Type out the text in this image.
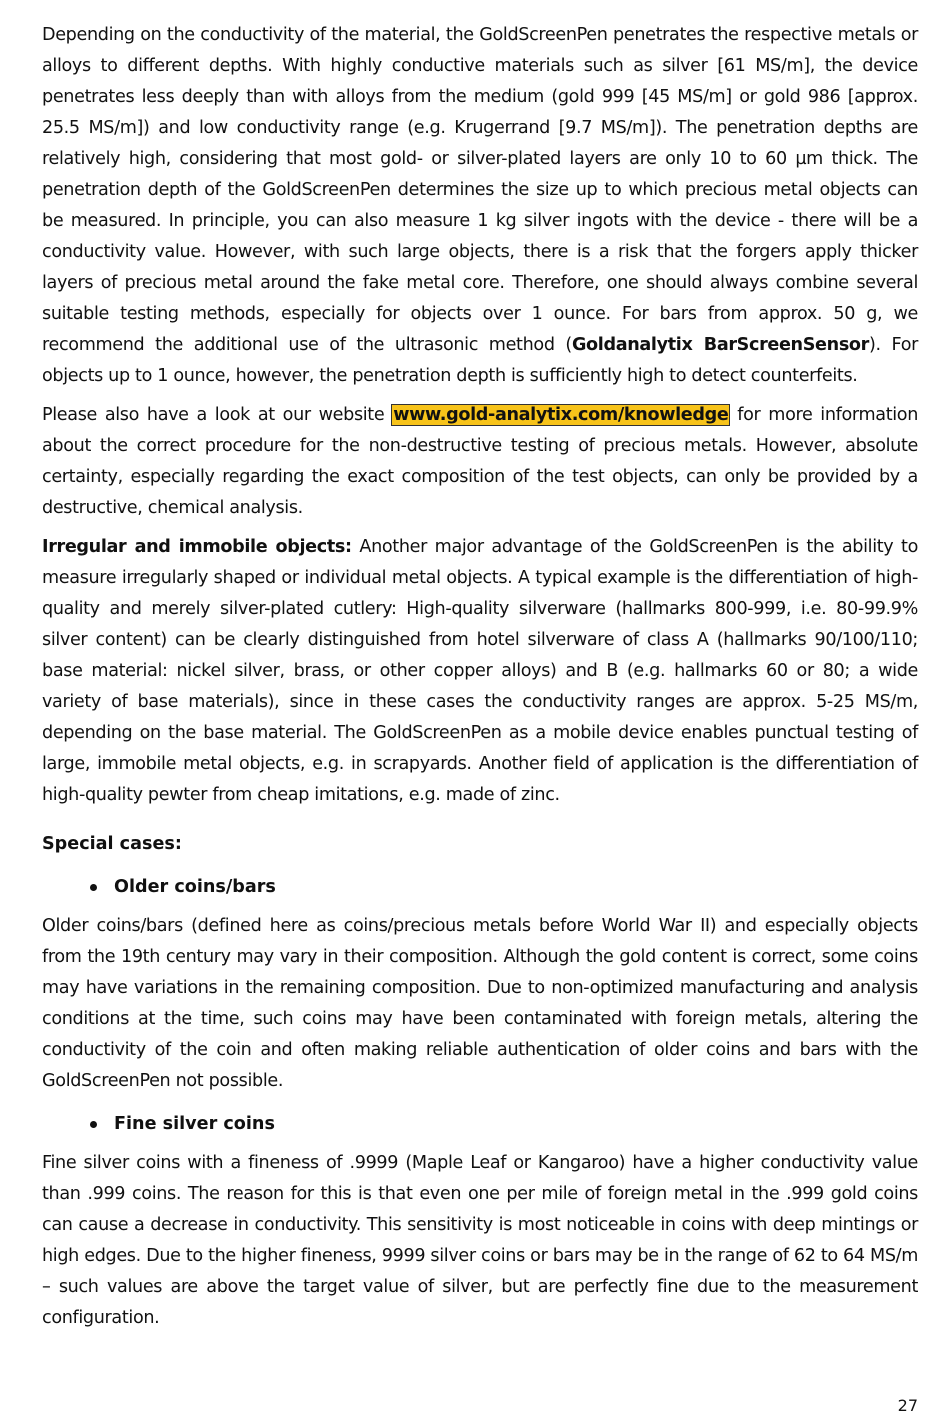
Depending on the conductivity of the material, the GoldScreenPen penetrates the respective metals or alloys to different depths. With highly conductive materials such as silver [61 MS/m], the device penetrates less deeply than with alloys from the medium (gold 999 [45 MS/m] or gold 986 [approx. 25.5 MS/m]) and low conductivity range (e.g. Krugerrand [9.7 MS/m]). The penetration depths are relatively high, considering that most gold- or silver-plated layers are only 10 to 60 µm thick. The penetration depth of the GoldScreenPen determines the size up to which precious metal objects can be measured. In principle, you can also measure 1 kg silver ingots with the device - there will be a conductivity value. However, with such large objects, there is a risk that the forgers apply thicker layers of precious metal around the fake metal core. Therefore, one should always combine several suitable testing methods, especially for objects over 1 ounce. For bars from approx. 50 g, we recommend the additional use of the ultrasonic method (Goldanalytix BarScreenSensor). For objects up to 1 ounce, however, the penetration depth is sufficiently high to detect counterfeits.

Please also have a look at our website www.gold-analytix.com/knowledge for more information about the correct procedure for the non-destructive testing of precious metals. However, absolute certainty, especially regarding the exact composition of the test objects, can only be provided by a destructive, chemical analysis.

Irregular and immobile objects: Another major advantage of the GoldScreenPen is the ability to measure irregularly shaped or individual metal objects. A typical example is the differentiation of high-quality and merely silver-plated cutlery: High-quality silverware (hallmarks 800-999, i.e. 80-99.9% silver content) can be clearly distinguished from hotel silverware of class A (hallmarks 90/100/110; base material: nickel silver, brass, or other copper alloys) and B (e.g. hallmarks 60 or 80; a wide variety of base materials), since in these cases the conductivity ranges are approx. 5-25 MS/m, depending on the base material. The GoldScreenPen as a mobile device enables punctual testing of large, immobile metal objects, e.g. in scrapyards. Another field of application is the differentiation of high-quality pewter from cheap imitations, e.g. made of zinc.

Special cases:

Older coins/bars

Older coins/bars (defined here as coins/precious metals before World War II) and especially objects from the 19th century may vary in their composition. Although the gold content is correct, some coins may have variations in the remaining composition. Due to non-optimized manufacturing and analysis conditions at the time, such coins may have been contaminated with foreign metals, altering the conductivity of the coin and often making reliable authentication of older coins and bars with the GoldScreenPen not possible.

Fine silver coins

Fine silver coins with a fineness of .9999 (Maple Leaf or Kangaroo) have a higher conductivity value than .999 coins. The reason for this is that even one per mile of foreign metal in the .999 gold coins can cause a decrease in conductivity. This sensitivity is most noticeable in coins with deep mintings or high edges. Due to the higher fineness, 9999 silver coins or bars may be in the range of 62 to 64 MS/m – such values are above the target value of silver, but are perfectly fine due to the measurement configuration.

27
